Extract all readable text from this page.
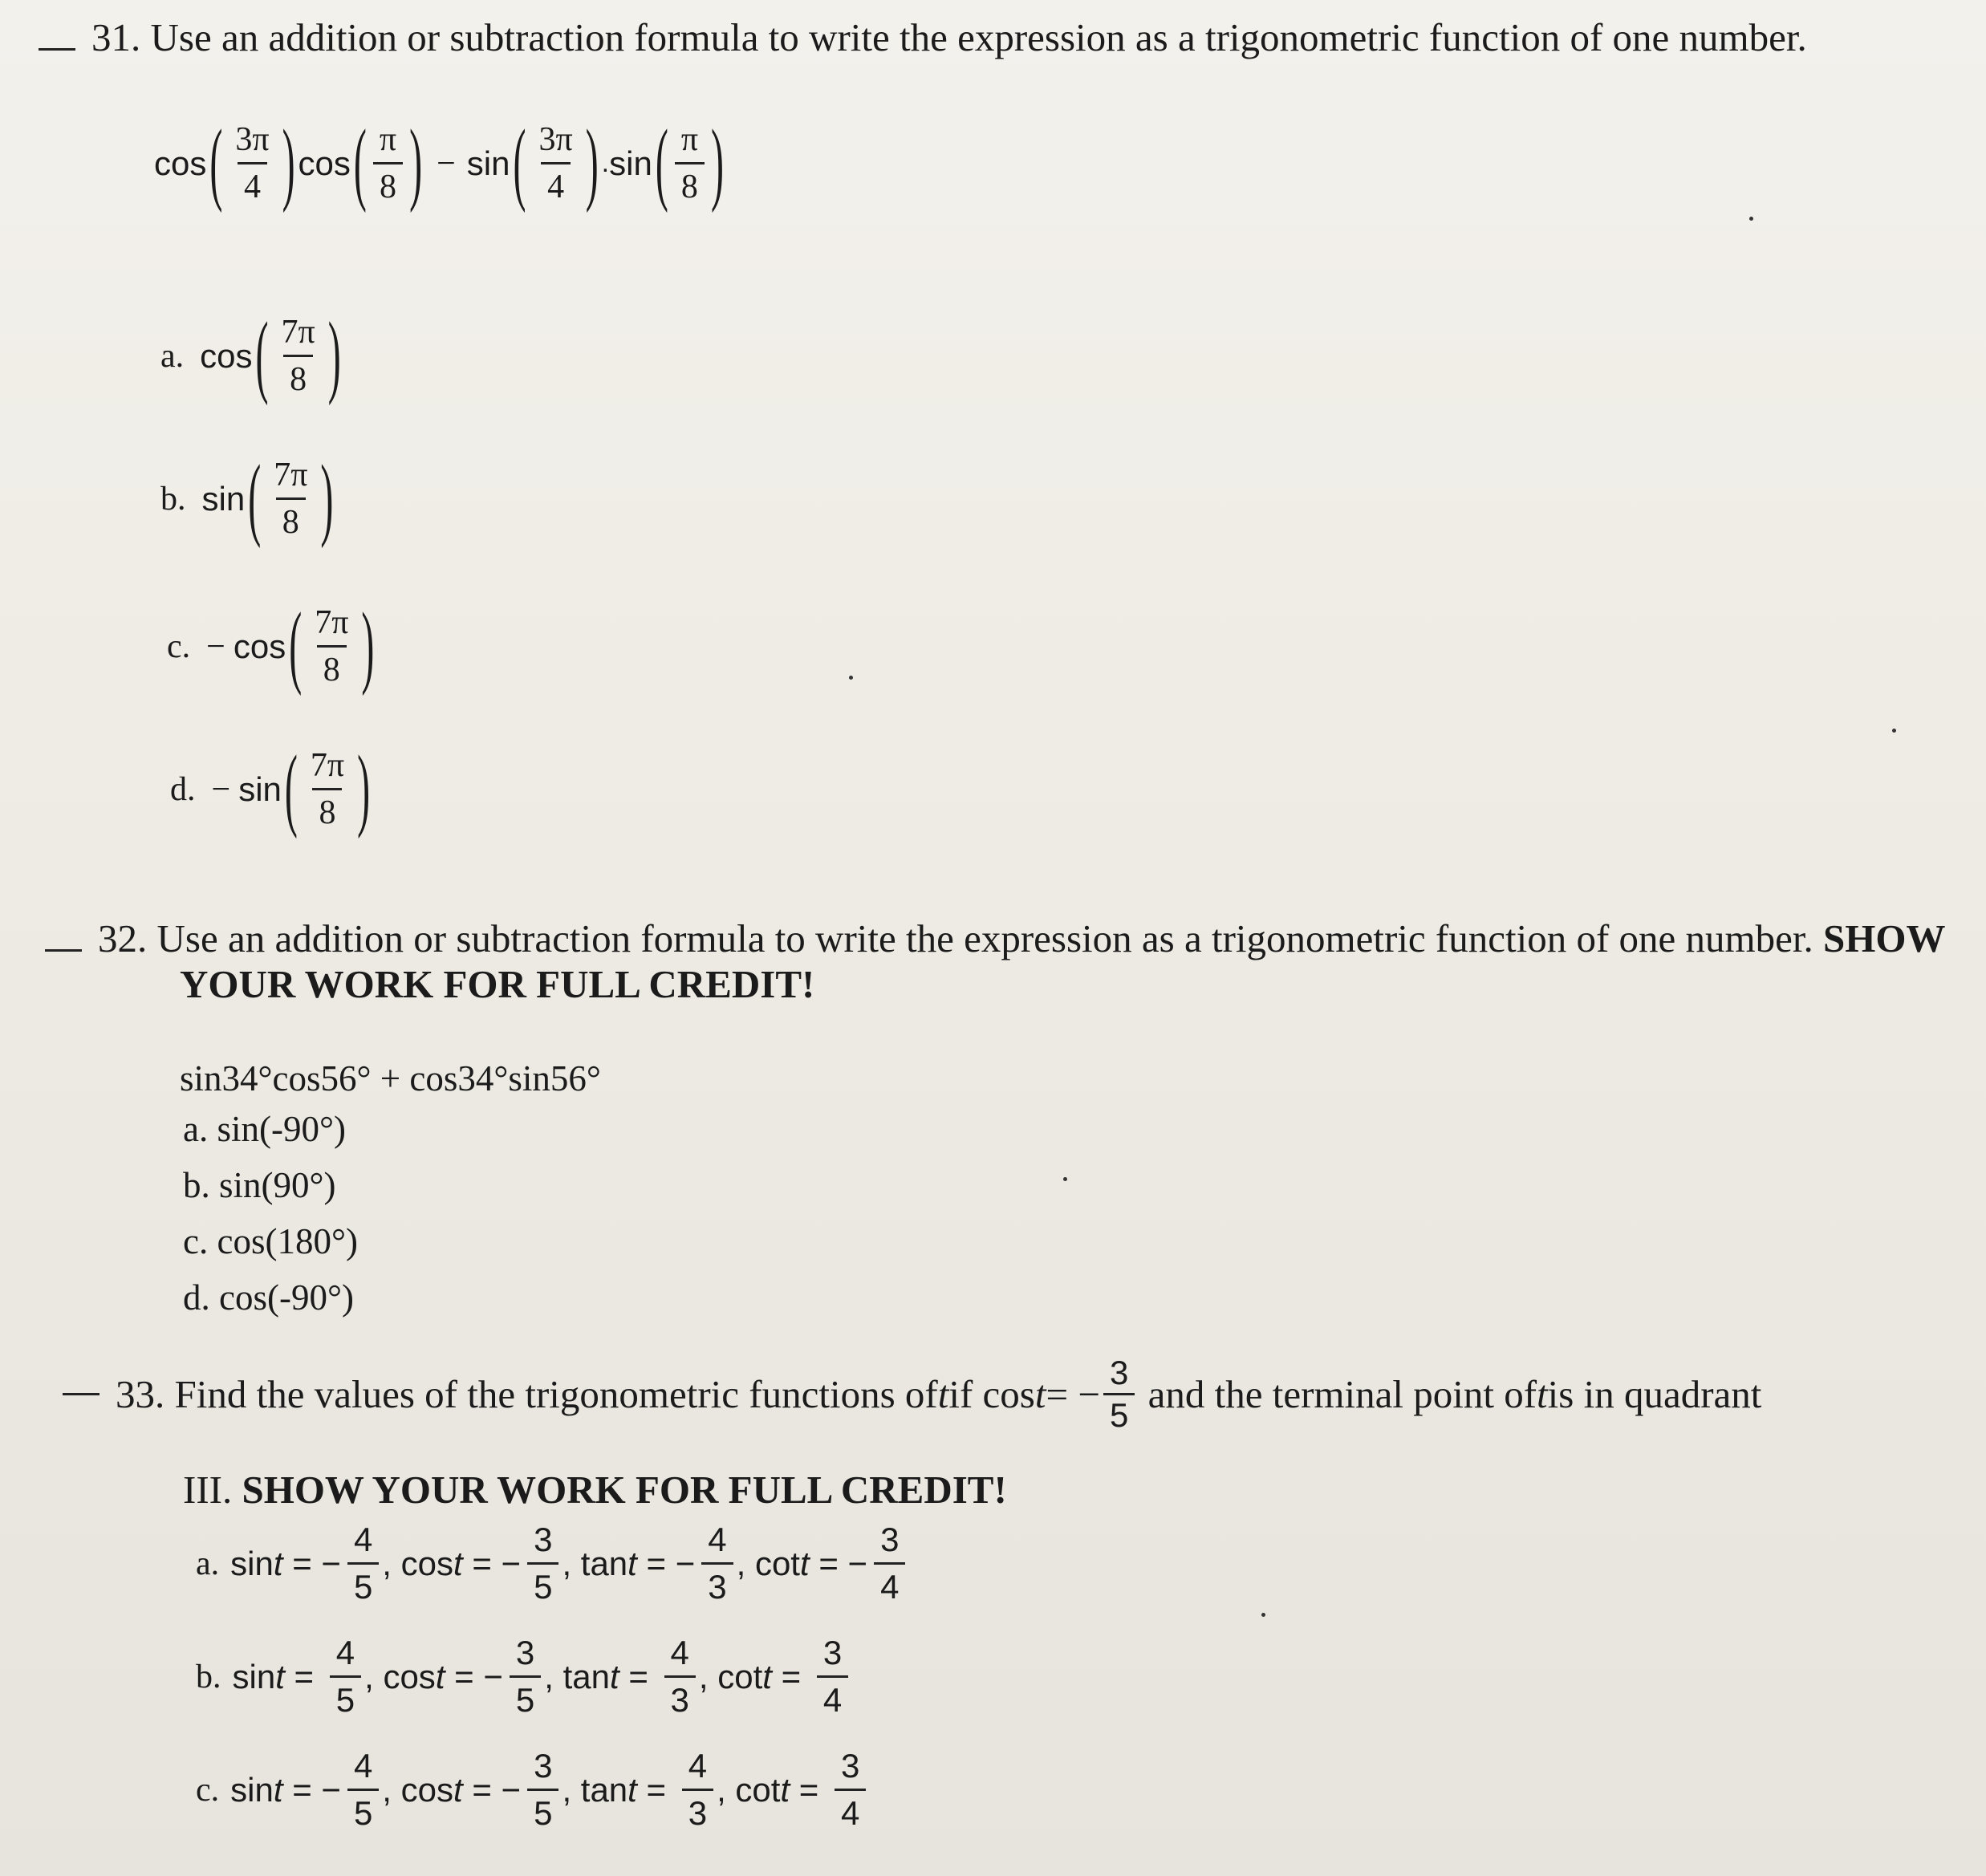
31. Use an addition or subtraction formula to write the expression as a trigonometric function of one number.
cos ( $\frac{3\pi}{4}$ ) cos ( $\frac{\pi}{8}$ ) − sin ( $\frac{3\pi}{4}$ ) . sin ( $\frac{\pi}{8}$ )
a. cos ( $\frac{7\pi}{8}$ )
b. sin ( $\frac{7\pi}{8}$ )
c. − cos ( $\frac{7\pi}{8}$ )
d. − sin ( $\frac{7\pi}{8}$ )
32. Use an addition or subtraction formula to write the expression as a trigonometric function of one number. SHOW
YOUR WORK FOR FULL CREDIT!
sin34°cos56° + cos34°sin56°
a. sin(-90°)
b. sin(90°)
c. cos(180°)
d. cos(-90°)
33.
Find the values of the trigonometric functions of t if cos t = − $\frac{3}{5}$
and the terminal point of t is in quadrant
III. SHOW YOUR WORK FOR FULL CREDIT!
a. sin t = − $\frac{4}{5}$ , cos t = − $\frac{3}{5}$ , tan t = − $\frac{4}{3}$ , cot t = − $\frac{3}{4}$
b. $\sin t = \frac{4}{5}$ , cos t = − $\frac{3}{5}$ , $\tan t = \frac{4}{3}$ , $\cot t = \frac{3}{4}$
c. sin t = − $\frac{4}{5}$ , cos t = − $\frac{3}{5}$ , $\tan t = \frac{4}{3}$ , $\cot t = \frac{3}{4}$
